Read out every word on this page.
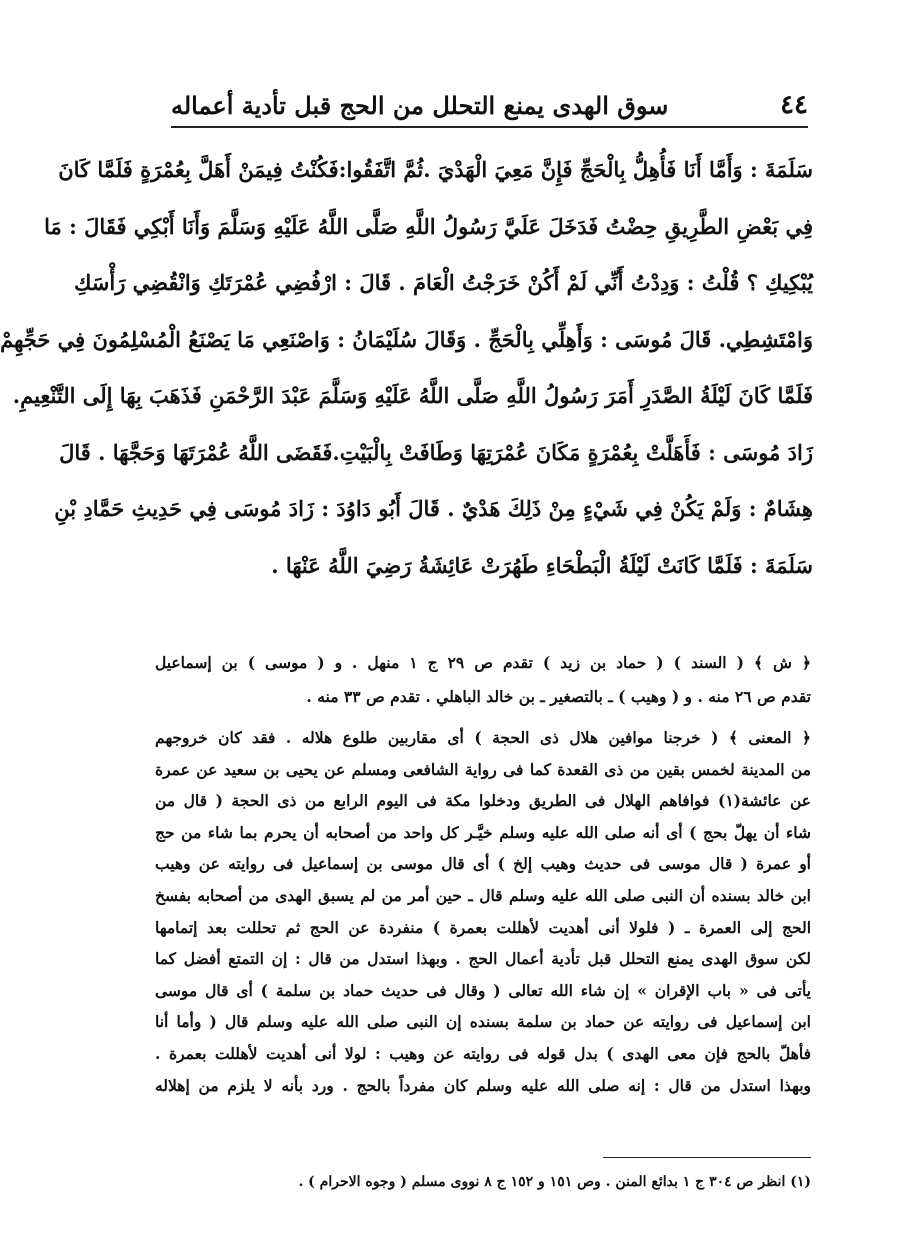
٤٤
سوق الهدى يمنع التحلل من الحج قبل تأدية أعماله
سَلَمَةَ : وَأَمَّا أَنَا فَأُهِلُّ بِالْحَجِّ فَإِنَّ مَعِيَ الْهَدْيَ .ثُمَّ اتَّفَقُوا:فَكُنْتُ فِيمَنْ أَهَلَّ بِعُمْرَةٍ فَلَمَّا كَانَ
فِي بَعْضِ الطَّرِيقِ حِضْتُ فَدَخَلَ عَلَيَّ رَسُولُ اللَّهِ صَلَّى اللَّهُ عَلَيْهِ وَسَلَّمَ وَأَنَا أَبْكِي فَقَالَ : مَا
يُبْكِيكِ ؟ قُلْتُ : وَدِدْتُ أَنِّي لَمْ أَكُنْ خَرَجْتُ الْعَامَ . قَالَ : ارْفُضِي عُمْرَتَكِ وَانْقُضِي رَأْسَكِ
وَامْتَشِطِي. قَالَ مُوسَى : وَأَهِلِّي بِالْحَجِّ . وَقَالَ سُلَيْمَانُ : وَاصْنَعِي مَا يَصْنَعُ الْمُسْلِمُونَ فِي حَجِّهِمْ
فَلَمَّا كَانَ لَيْلَةُ الصَّدَرِ أَمَرَ رَسُولُ اللَّهِ صَلَّى اللَّهُ عَلَيْهِ وَسَلَّمَ عَبْدَ الرَّحْمَنِ فَذَهَبَ بِهَا إِلَى التَّنْعِيمِ.
زَادَ مُوسَى : فَأَهَلَّتْ بِعُمْرَةٍ مَكَانَ عُمْرَتِهَا وَطَافَتْ بِالْبَيْتِ.فَقَضَى اللَّهُ عُمْرَتَهَا وَحَجَّهَا . قَالَ
هِشَامٌ : وَلَمْ يَكُنْ فِي شَيْءٍ مِنْ ذَلِكَ هَدْيٌ . قَالَ أَبُو دَاوُدَ : زَادَ مُوسَى فِي حَدِيثِ حَمَّادِ بْنِ
سَلَمَةَ : فَلَمَّا كَانَتْ لَيْلَةُ الْبَطْحَاءِ طَهُرَتْ عَائِشَةُ رَضِيَ اللَّهُ عَنْهَا .
﴿ ش ﴾ ( السند ) ( حماد بن زيد ) تقدم ص ٢٩ ج ١ منهل . و ( موسى ) بن إسماعيل
تقدم ص ٢٦ منه . و ( وهيب ) ـ بالتصغير ـ بن خالد الباهلي . تقدم ص ٣٣ منه .
﴿ المعنى ﴾ ( خرجنا موافين هلال ذى الحجة ) أى مقاربين طلوع هلاله . فقد كان خروجهم
من المدينة لخمس بقين من ذى القعدة كما فى رواية الشافعى ومسلم عن يحيى بن سعيد عن عمرة
عن عائشة(١) فوافاهم الهلال فى الطريق ودخلوا مكة فى اليوم الرابع من ذى الحجة ( قال من
شاء أن يهلّ بحج ) أى أنه صلى الله عليه وسلم خيَّـر كل واحد من أصحابه أن يحرم بما شاء من حج
أو عمرة ( قال موسى فى حديث وهيب إلخ ) أى قال موسى بن إسماعيل فى روايته عن وهيب
ابن خالد بسنده أن النبى صلى الله عليه وسلم قال ـ حين أمر من لم يسبق الهدى من أصحابه بفسخ
الحج إلى العمرة ـ ( فلولا أنى أهديت لأهللت بعمرة ) منفردة عن الحج ثم تحللت بعد إتمامها
لكن سوق الهدى يمنع التحلل قبل تأدية أعمال الحج . وبهذا استدل من قال : إن التمتع أفضل كما
يأتى فى « باب الإقران » إن شاء الله تعالى ( وقال فى حديث حماد بن سلمة ) أى قال موسى
ابن إسماعيل فى روايته عن حماد بن سلمة بسنده إن النبى صلى الله عليه وسلم قال ( وأما أنا
فأهلّ بالحج فإن معى الهدى ) بدل قوله فى روايته عن وهيب : لولا أنى أهديت لأهللت بعمرة .
وبهذا استدل من قال : إنه صلى الله عليه وسلم كان مفرداً بالحج . ورد بأنه لا يلزم من إهلاله
(١) انظر ص ٣٠٤ ج ١ بدائع المنن . وص ١٥١ و ١٥٢ ج ٨ نووى مسلم ( وجوه الاحرام ) .
